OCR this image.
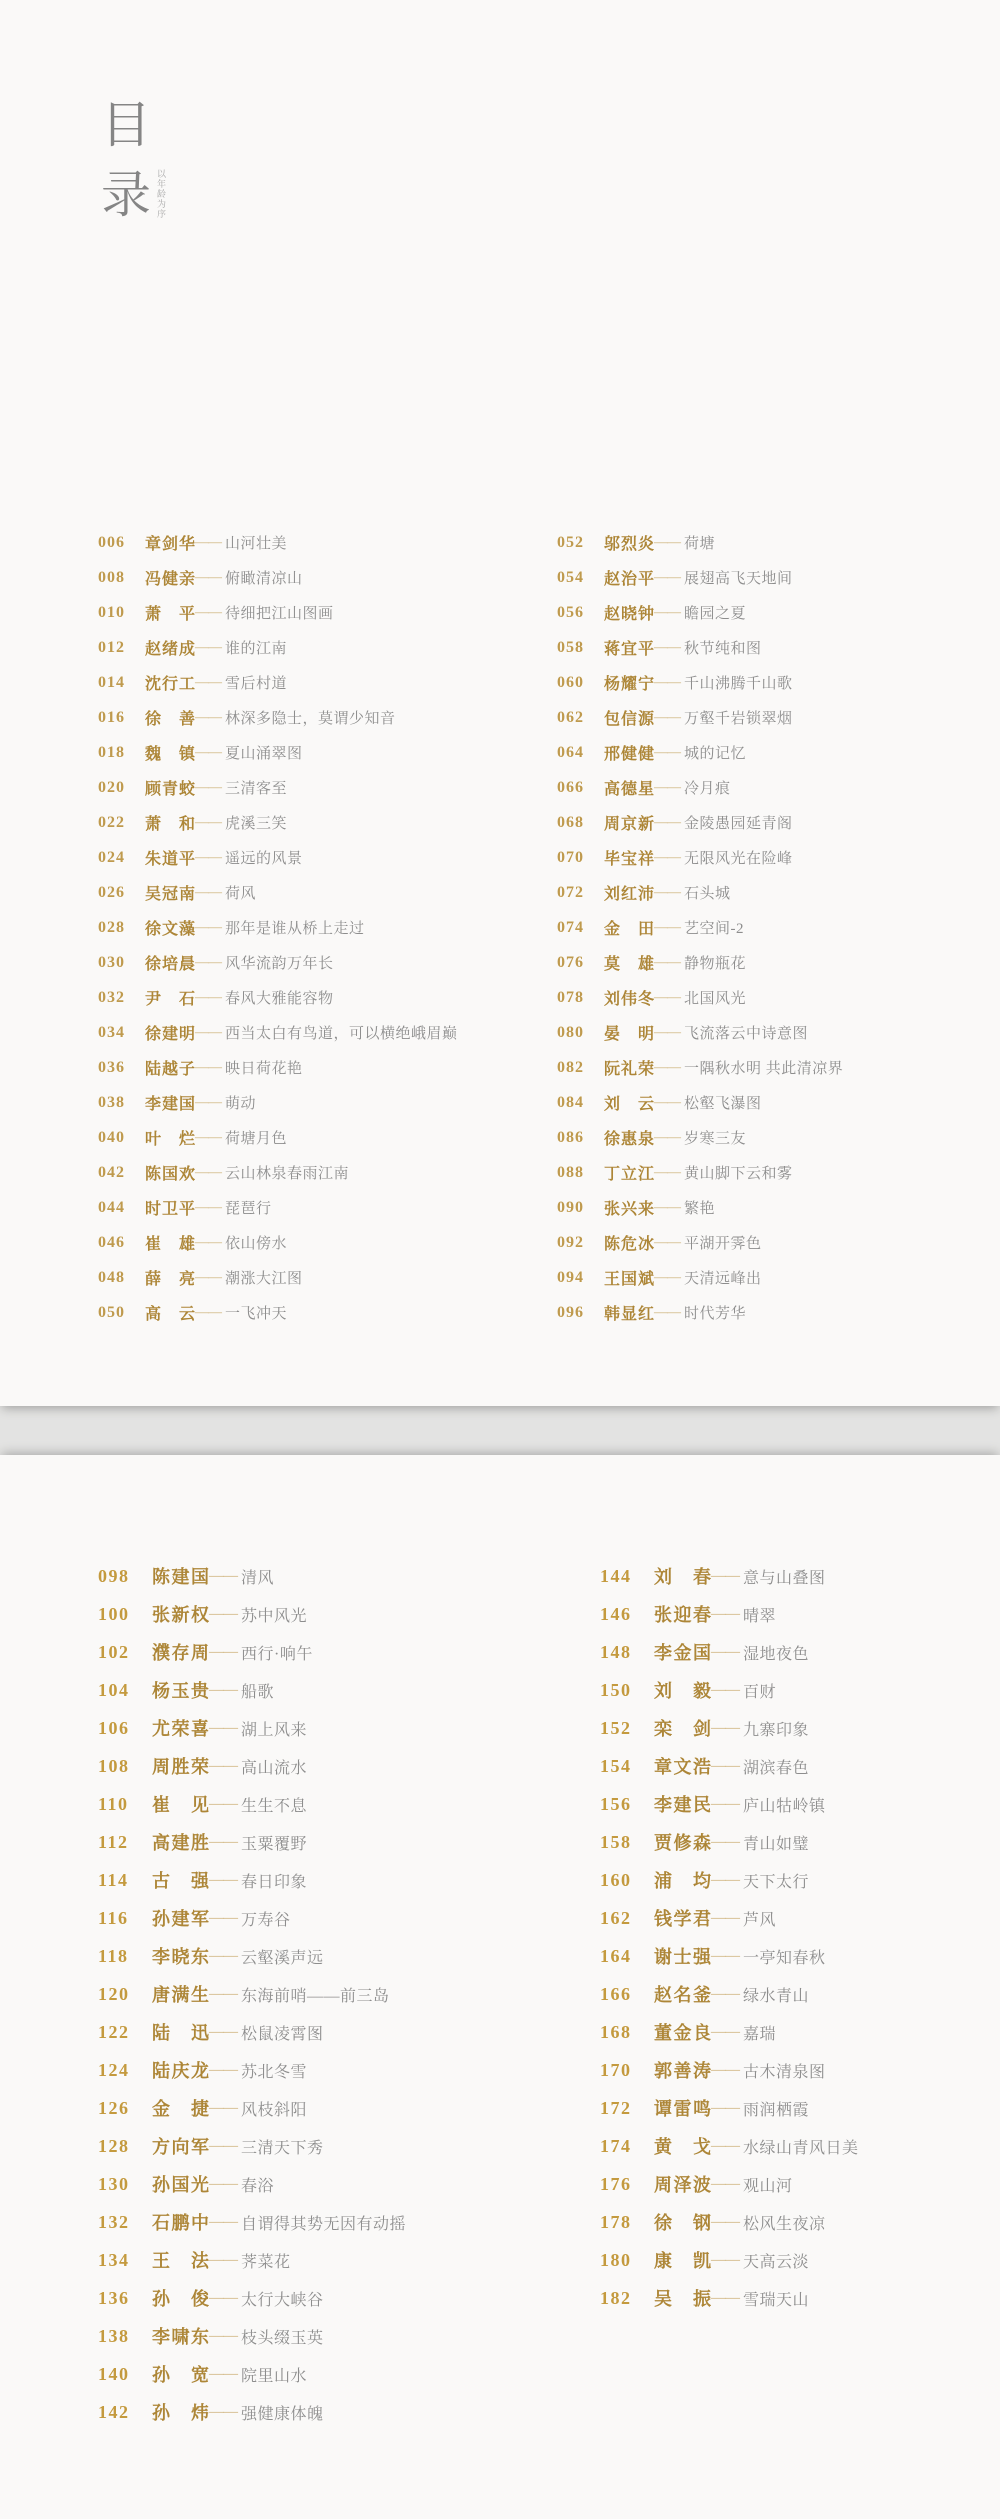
目
录 以年龄为序
006	章剑华 —— 山河壮美
008	冯健亲 —— 俯瞰清凉山
010	萧　平 —— 待细把江山图画
012	赵绪成 —— 谁的江南
014	沈行工 —— 雪后村道
016	徐　善 —— 林深多隐士，莫谓少知音
018	魏　镇 —— 夏山涌翠图
020	顾青蛟 —— 三清客至
022	萧　和 —— 虎溪三笑
024	朱道平 —— 遥远的风景
026	吴冠南 —— 荷风
028	徐文藻 —— 那年是谁从桥上走过
030	徐培晨 —— 风华流韵万年长
032	尹　石 —— 春风大雅能容物
034	徐建明 —— 西当太白有鸟道，可以横绝峨眉巅
036	陆越子 —— 映日荷花艳
038	李建国 —— 萌动
040	叶　烂 —— 荷塘月色
042	陈国欢 —— 云山林泉春雨江南
044	时卫平 —— 琵琶行
046	崔　雄 —— 依山傍水
048	薛　亮 —— 潮涨大江图
050	高　云 —— 一飞冲天
052	邬烈炎 —— 荷塘
054	赵治平 —— 展翅高飞天地间
056	赵晓钟 —— 瞻园之夏
058	蒋宜平 —— 秋节纯和图
060	杨耀宁 —— 千山沸腾千山歌
062	包信源 —— 万壑千岩锁翠烟
064	邢健健 —— 城的记忆
066	高德星 —— 冷月痕
068	周京新 —— 金陵愚园延青阁
070	毕宝祥 —— 无限风光在险峰
072	刘红沛 —— 石头城
074	金　田 —— 艺空间-2
076	莫　雄 —— 静物瓶花
078	刘伟冬 —— 北国风光
080	晏　明 —— 飞流落云中诗意图
082	阮礼荣 —— 一隅秋水明 共此清凉界
084	刘　云 —— 松壑飞瀑图
086	徐惠泉 —— 岁寒三友
088	丁立江 —— 黄山脚下云和雾
090	张兴来 —— 繁艳
092	陈危冰 —— 平湖开霁色
094	王国斌 —— 天清远峰出
096	韩显红 —— 时代芳华
098	陈建国 —— 清风
100	张新权 —— 苏中风光
102	濮存周 —— 西行·响午
104	杨玉贵 —— 船歌
106	尤荣喜 —— 湖上风来
108	周胜荣 —— 高山流水
110	崔　见 —— 生生不息
112	高建胜 —— 玉粟覆野
114	古　强 —— 春日印象
116	孙建军 —— 万寿谷
118	李晓东 —— 云壑溪声远
120	唐满生 —— 东海前哨——前三岛
122	陆　迅 —— 松鼠凌霄图
124	陆庆龙 —— 苏北冬雪
126	金　捷 —— 风枝斜阳
128	方向军 —— 三清天下秀
130	孙国光 —— 春浴
132	石鹏中 —— 自谓得其势无因有动摇
134	王　法 —— 荠菜花
136	孙　俊 —— 太行大峡谷
138	李啸东 —— 枝头缀玉英
140	孙　宽 —— 院里山水
142	孙　炜 —— 强健康体魄
144	刘　春 —— 意与山叠图
146	张迎春 —— 晴翠
148	李金国 —— 湿地夜色
150	刘　毅 —— 百财
152	栾　剑 —— 九寨印象
154	章文浩 —— 湖滨春色
156	李建民 —— 庐山牯岭镇
158	贾修森 —— 青山如璧
160	浦　均 —— 天下太行
162	钱学君 —— 芦风
164	谢士强 —— 一亭知春秋
166	赵名釜 —— 绿水青山
168	董金良 —— 嘉瑞
170	郭善涛 —— 古木清泉图
172	谭雷鸣 —— 雨润栖霞
174	黄　戈 —— 水绿山青风日美
176	周泽波 —— 观山河
178	徐　钢 —— 松风生夜凉
180	康　凯 —— 天高云淡
182	吴　振 —— 雪瑞天山
